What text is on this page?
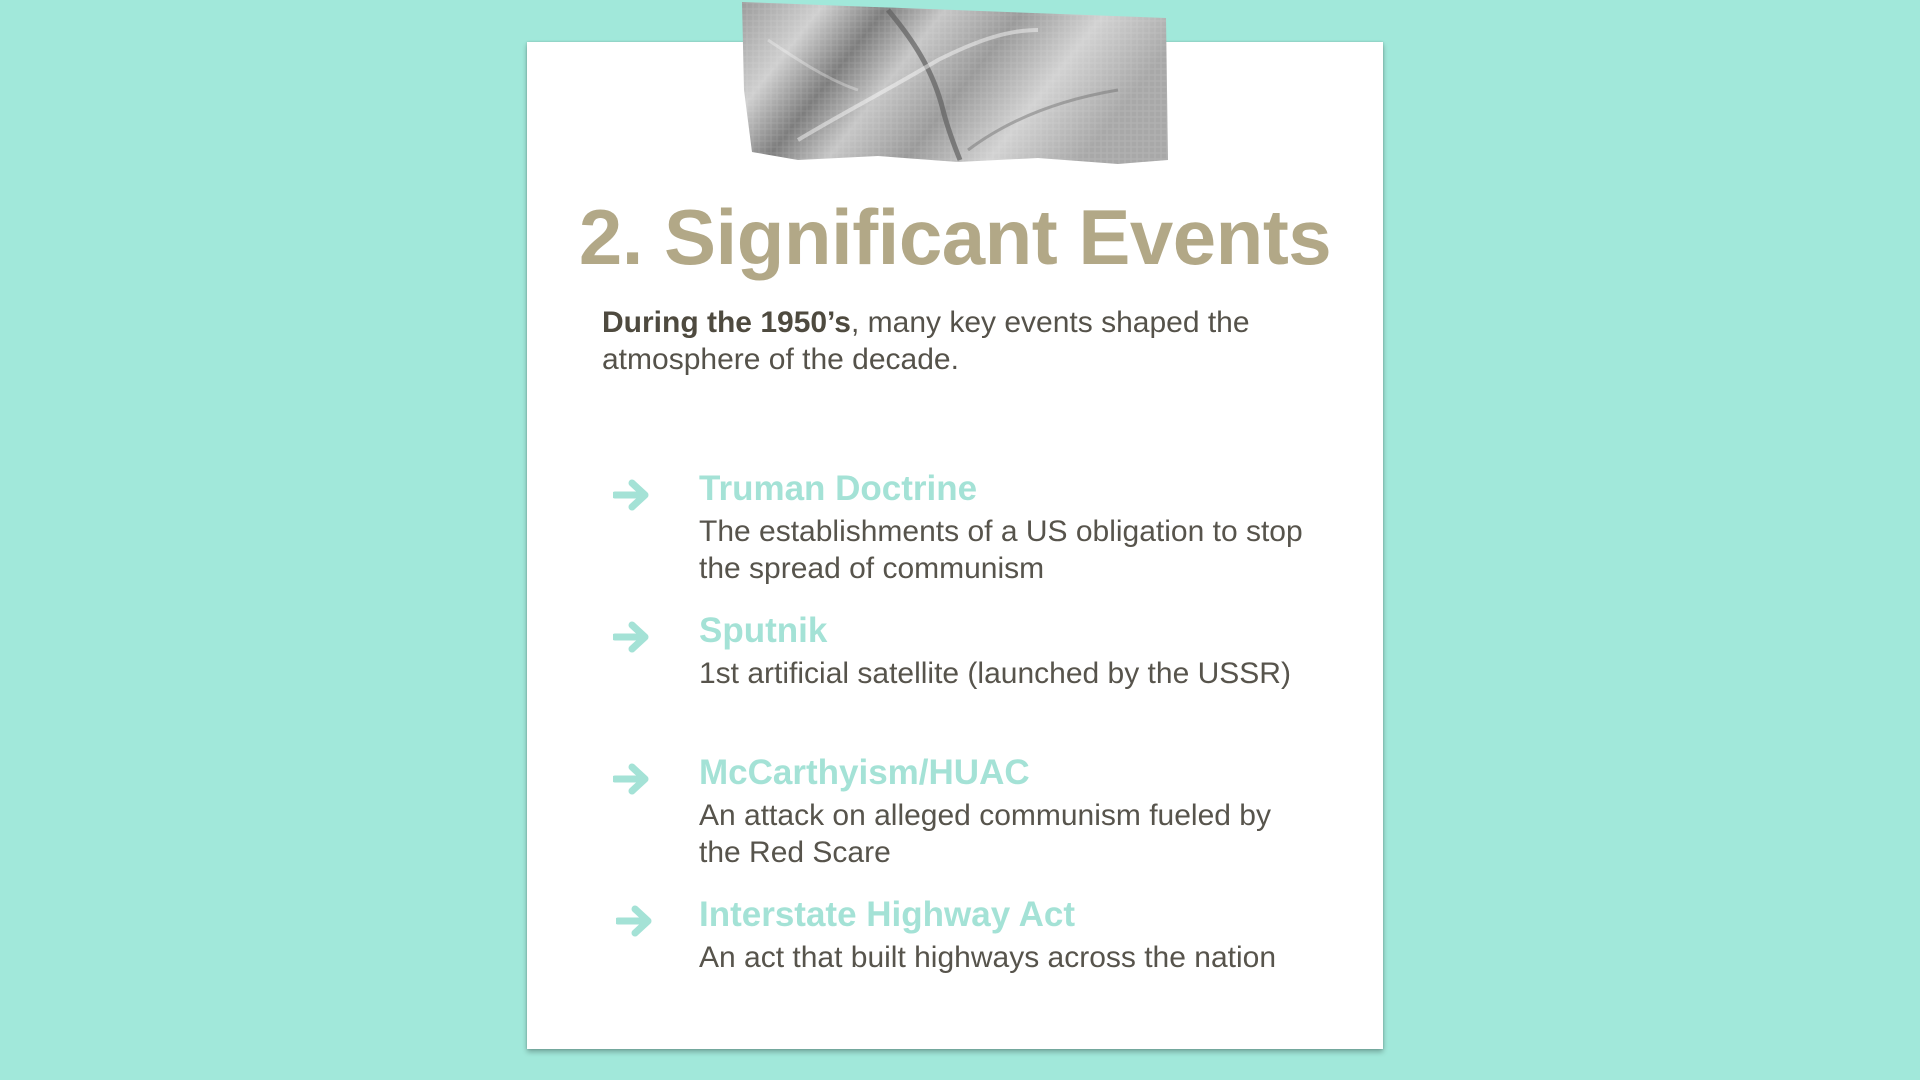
2. Significant Events

During the 1950’s, many key events shaped the atmosphere of the decade.

Truman Doctrine

The establishments of a US obligation to stop the spread of communism

Sputnik

1st artificial satellite (launched by the USSR)

McCarthyism/HUAC

An attack on alleged communism fueled by the Red Scare

Interstate Highway Act

An act that built highways across the nation
